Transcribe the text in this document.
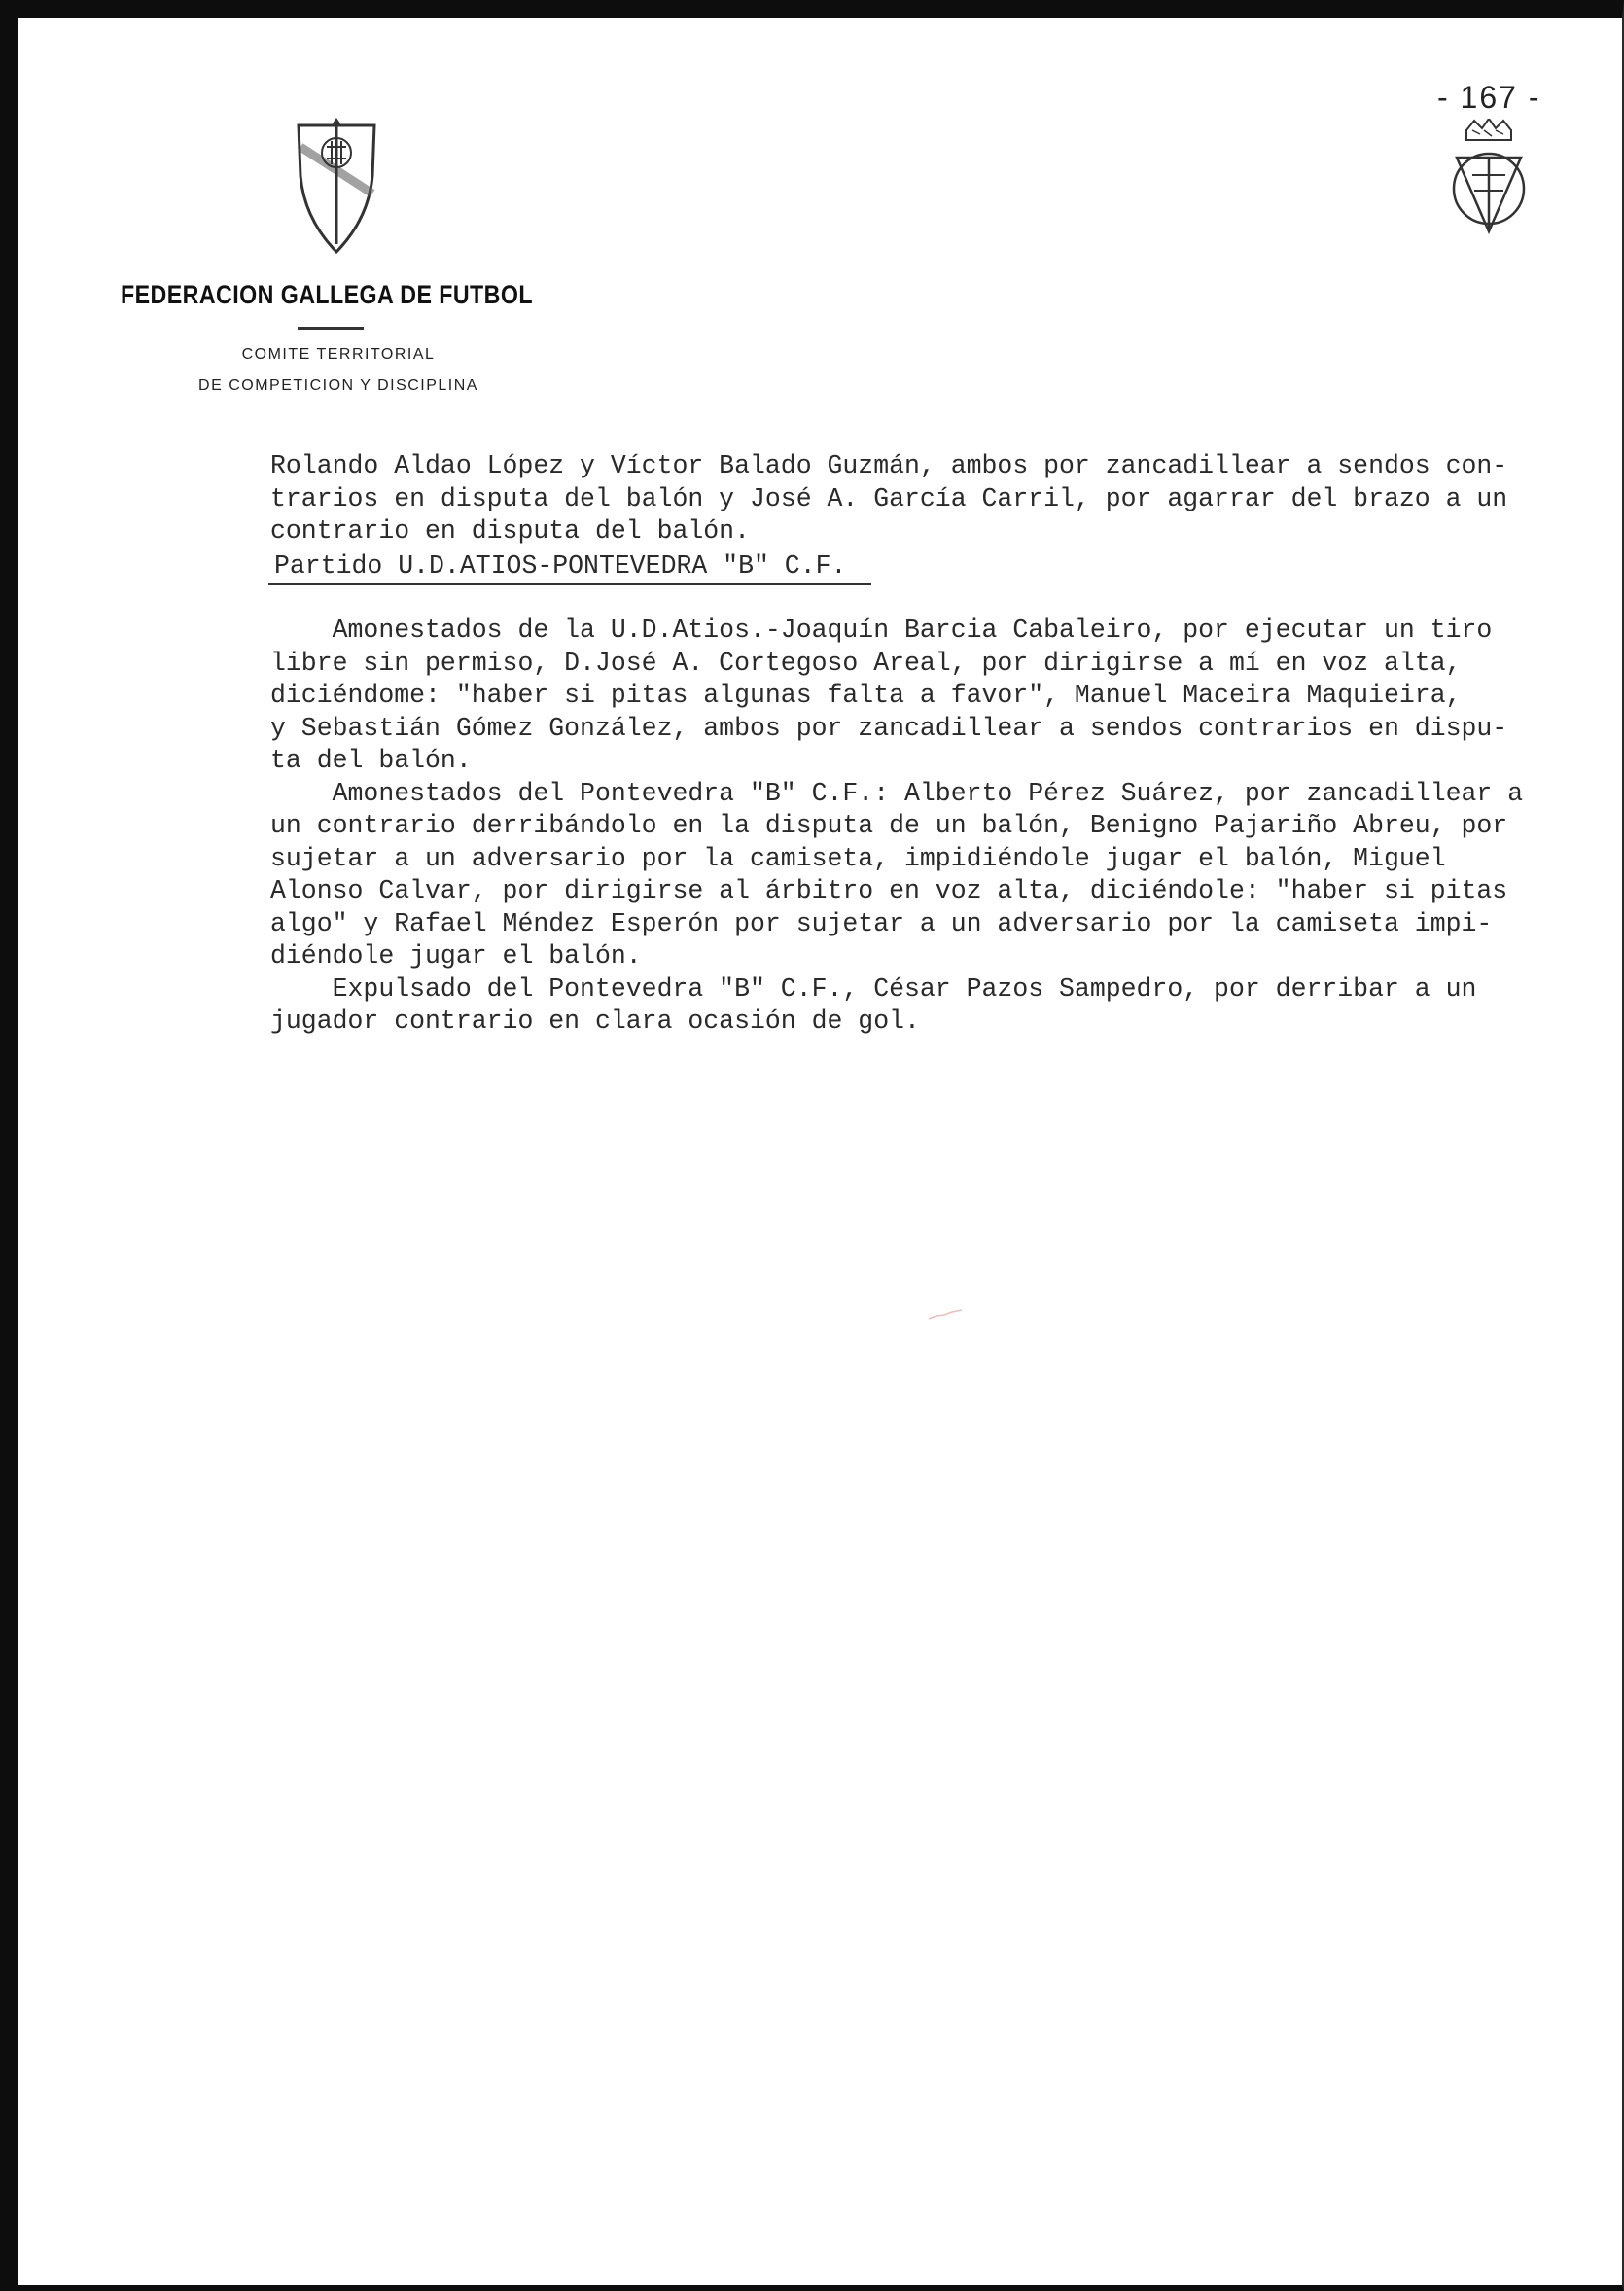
- 167 -
FEDERACION GALLEGA DE FUTBOL
COMITE TERRITORIAL
DE COMPETICION Y DISCIPLINA
Rolando Aldao López y Víctor Balado Guzmán, ambos por zancadillear a sendos con-
trarios en disputa del balón y José A. García Carril, por agarrar del brazo a un
contrario en disputa del balón.
Partido U.D.ATIOS-PONTEVEDRA "B" C.F.
Amonestados de la U.D.Atios.-Joaquín Barcia Cabaleiro, por ejecutar un tiro
libre sin permiso, D.José A. Cortegoso Areal, por dirigirse a mí en voz alta,
diciéndome: "haber si pitas algunas falta a favor", Manuel Maceira Maquieira,
y Sebastián Gómez González, ambos por zancadillear a sendos contrarios en dispu-
ta del balón.
Amonestados del Pontevedra "B" C.F.: Alberto Pérez Suárez, por zancadillear a
un contrario derribándolo en la disputa de un balón, Benigno Pajariño Abreu, por
sujetar a un adversario por la camiseta, impidiéndole jugar el balón, Miguel
Alonso Calvar, por dirigirse al árbitro en voz alta, diciéndole: "haber si pitas
algo" y Rafael Méndez Esperón por sujetar a un adversario por la camiseta impi-
diéndole jugar el balón.
Expulsado del Pontevedra "B" C.F., César Pazos Sampedro, por derribar a un
jugador contrario en clara ocasión de gol.
